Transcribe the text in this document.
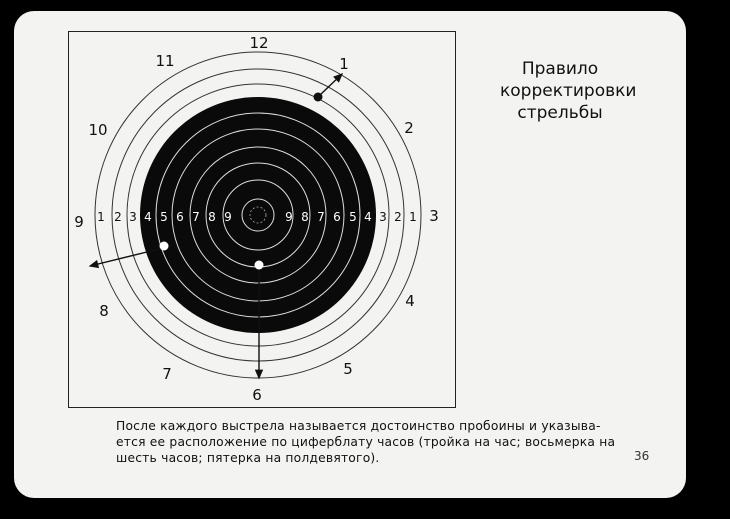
1 2 3 4 5 6 7 8 9	9 8 7 6 5 4 3 2 1
12
1
2
3
4
5
6
7
8
9
10
11	Правило
корректировки
стрельбы
После каждого выстрела называется достоинство пробоины и указыва-
ется ее расположение по циферблату часов (тройка на час; восьмерка на
шесть часов; пятерка на полдевятого).	36
